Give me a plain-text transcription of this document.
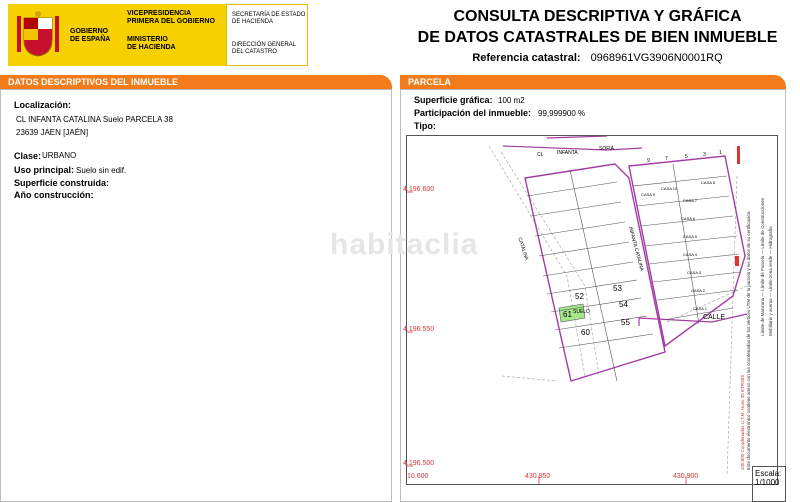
GOBIERNO
DE ESPAÑA
VICEPRESIDENCIA
PRIMERA DEL GOBIERNO
MINISTERIO
DE HACIENDA
SECRETARÍA DE ESTADO
DE HACIENDA
DIRECCIÓN GENERAL
DEL CATASTRO
CONSULTA DESCRIPTIVA Y GRÁFICA
DE DATOS CATASTRALES DE BIEN INMUEBLE
Referencia catastral: 0968961VG3906N0001RQ
DATOS DESCRIPTIVOS DEL INMUEBLE
Localización:
CL INFANTA CATALINA Suelo PARCELA 38
23639 JAEN [JAÉN]
Clase: URBANO
Uso principal: Suelo sin edif.
Superficie construida:
Año construcción:
PARCELA
Superficie gráfica: 100 m2
Participación del inmueble: 99,999900 %
Tipo:
4.196.600
4.196.550
4.196.500
10.600	430.850	430.900
CL	INFANTA
SOFIA
CATALINA	INFANTA CATALINA
CALLE
52
53
54
55
60
61 SUELO
9	7	5	3	1
CASA 1
CASA 2
CASA 3
CASA 4
CASA 5
CASA 6
CASA 7
CASA 8
CASA 9
CASA 10
430.800 Coordenadas U.T.M. Huso 30 ETRS89 Este documento electrónico contiene anexo con las coordenadas de los vértices UTM de la parcela y los datos de su certificación. Límite de Manzana — Límite de Parcela — Límite de Construcciones
Mobiliario y aceras — Límite zona verde — Hidrografía
habitaclia
Escala:
1/1000
